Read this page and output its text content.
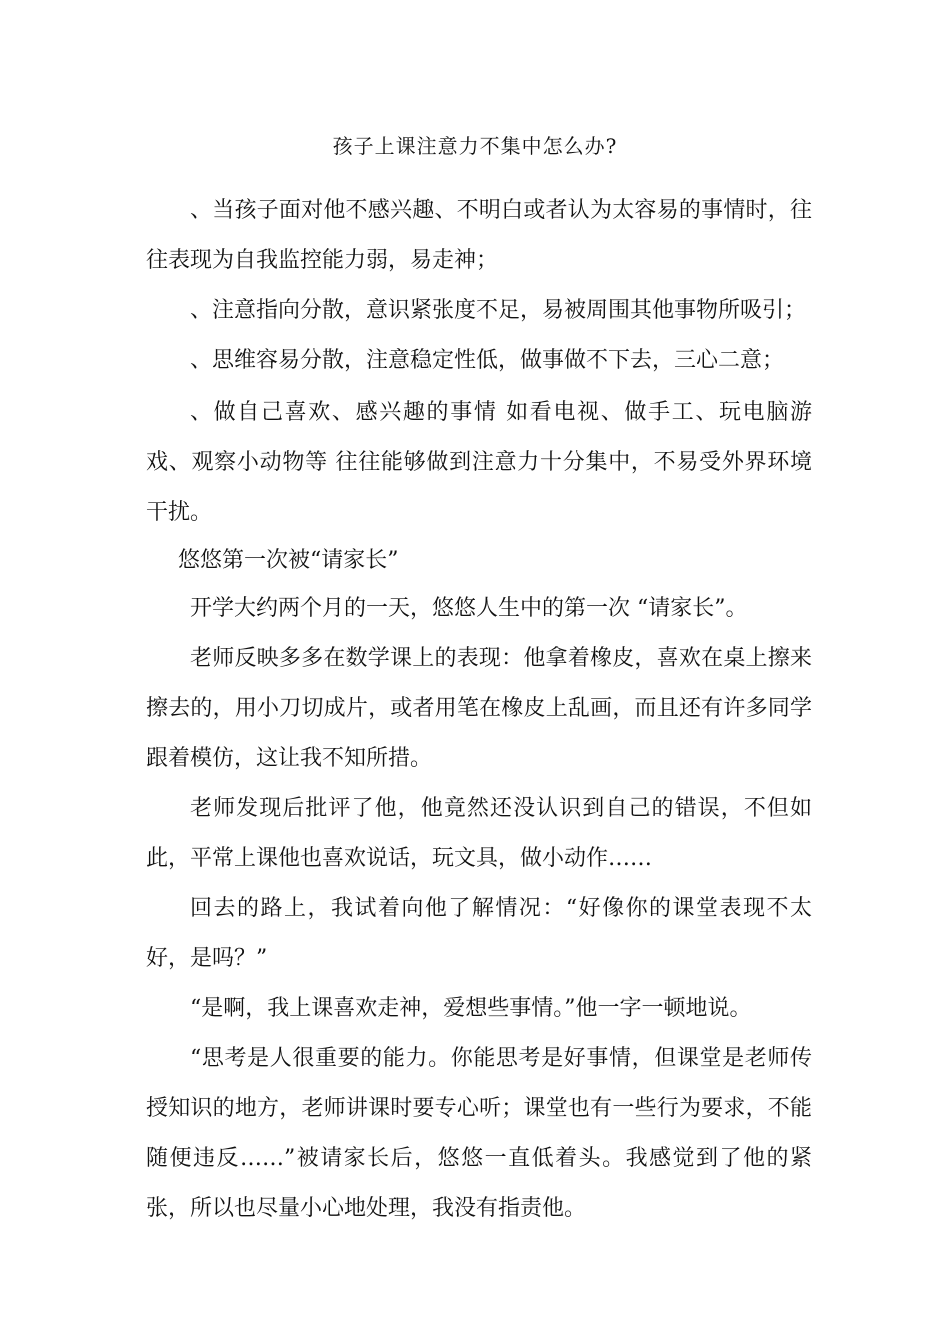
孩子上课注意力不集中怎么办?
、当孩子面对他不感兴趣、不明白或者认为太容易的事情时，往往表现为自我监控能力弱，易走神；
、注意指向分散，意识紧张度不足，易被周围其他事物所吸引；
、思维容易分散，注意稳定性低，做事做不下去，三心二意；
、做自己喜欢、感兴趣的事情 如看电视、做手工、玩电脑游戏、观察小动物等 往往能够做到注意力十分集中，不易受外界环境干扰。
悠悠第一次被“请家长”
开学大约两个月的一天，悠悠人生中的第一次 “请家长”。
老师反映多多在数学课上的表现：他拿着橡皮，喜欢在桌上擦来擦去的，用小刀切成片，或者用笔在橡皮上乱画，而且还有许多同学跟着模仿，这让我不知所措。
老师发现后批评了他，他竟然还没认识到自己的错误，不但如此，平常上课他也喜欢说话，玩文具，做小动作……
回去的路上，我试着向他了解情况：“好像你的课堂表现不太好，是吗？”
“是啊，我上课喜欢走神，爱想些事情。”他一字一顿地说。
“思考是人很重要的能力。你能思考是好事情，但课堂是老师传授知识的地方，老师讲课时要专心听；课堂也有一些行为要求，不能随便违反……”被请家长后，悠悠一直低着头。我感觉到了他的紧张，所以也尽量小心地处理，我没有指责他。
